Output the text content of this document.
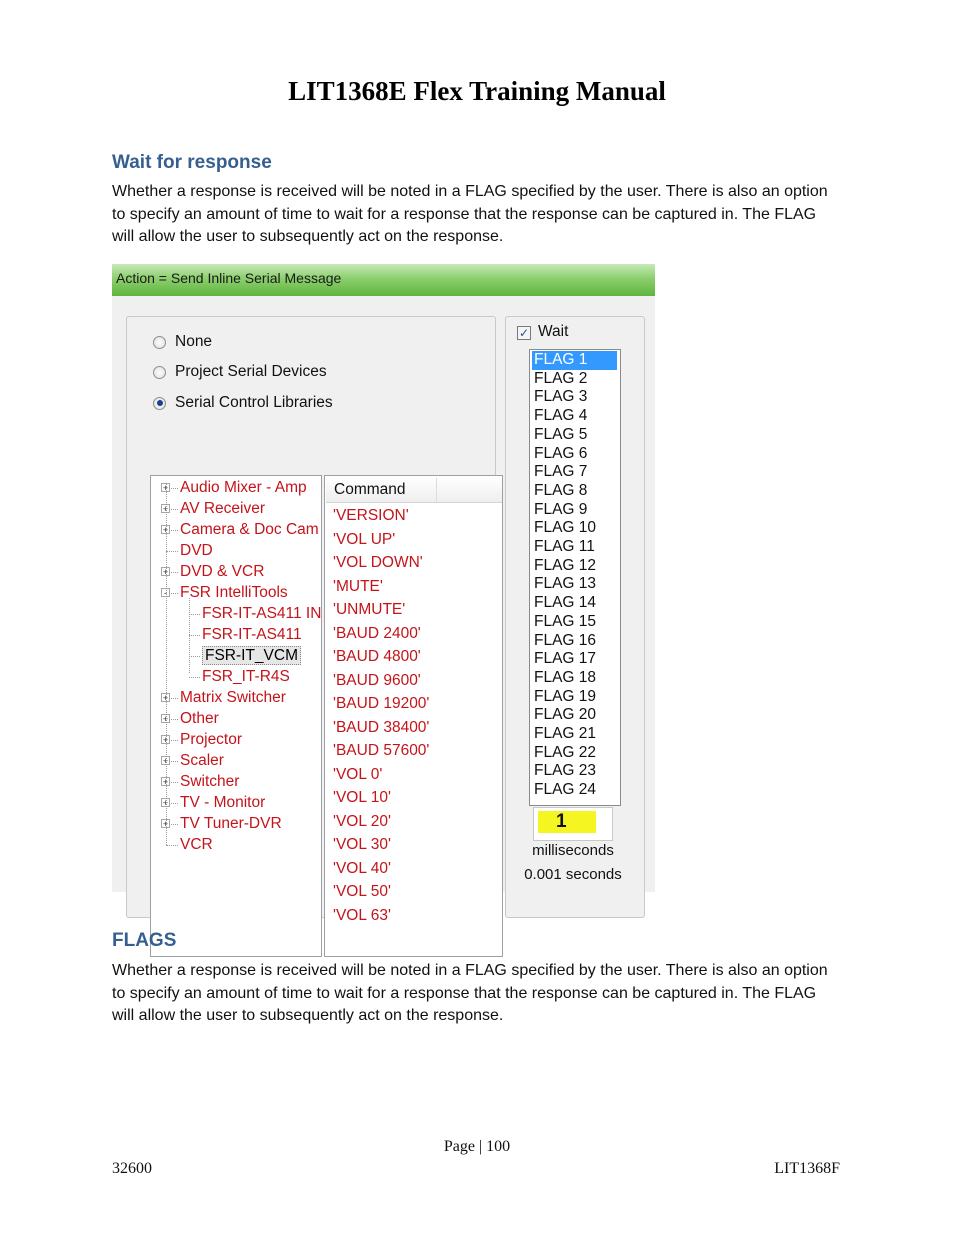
LIT1368E Flex Training Manual
Wait for response
Whether a response is received will be noted in a FLAG specified by the user. There is also an option to specify an amount of time to wait for a response that the response can be captured in. The FLAG will allow the user to subsequently act on the response.
Action = Send Inline Serial Message
None
Project Serial Devices
Serial Control Libraries
Audio Mixer - Amp
+
AV Receiver
+
Camera & Doc Cam
+
DVD
DVD & VCR
+
FSR IntelliTools
-
FSR-IT-AS411 IN
FSR-IT-AS411
FSR-IT_VCM
FSR_IT-R4S
Matrix Switcher
+
Other
+
Projector
+
Scaler
+
Switcher
+
TV - Monitor
+
TV Tuner-DVR
+
VCR
Command
'VERSION'
'VOL UP'
'VOL DOWN'
'MUTE'
'UNMUTE'
'BAUD 2400'
'BAUD 4800'
'BAUD 9600'
'BAUD 19200'
'BAUD 38400'
'BAUD 57600'
'VOL 0'
'VOL 10'
'VOL 20'
'VOL 30'
'VOL 40'
'VOL 50'
'VOL 63'
✓ Wait
FLAG 1
FLAG 2
FLAG 3
FLAG 4
FLAG 5
FLAG 6
FLAG 7
FLAG 8
FLAG 9
FLAG 10
FLAG 11
FLAG 12
FLAG 13
FLAG 14
FLAG 15
FLAG 16
FLAG 17
FLAG 18
FLAG 19
FLAG 20
FLAG 21
FLAG 22
FLAG 23
FLAG 24
1
milliseconds
0.001 seconds
FLAGS
Whether a response is received will be noted in a FLAG specified by the user. There is also an option to specify an amount of time to wait for a response that the response can be captured in. The FLAG will allow the user to subsequently act on the response.
Page | 100
32600	LIT1368F
